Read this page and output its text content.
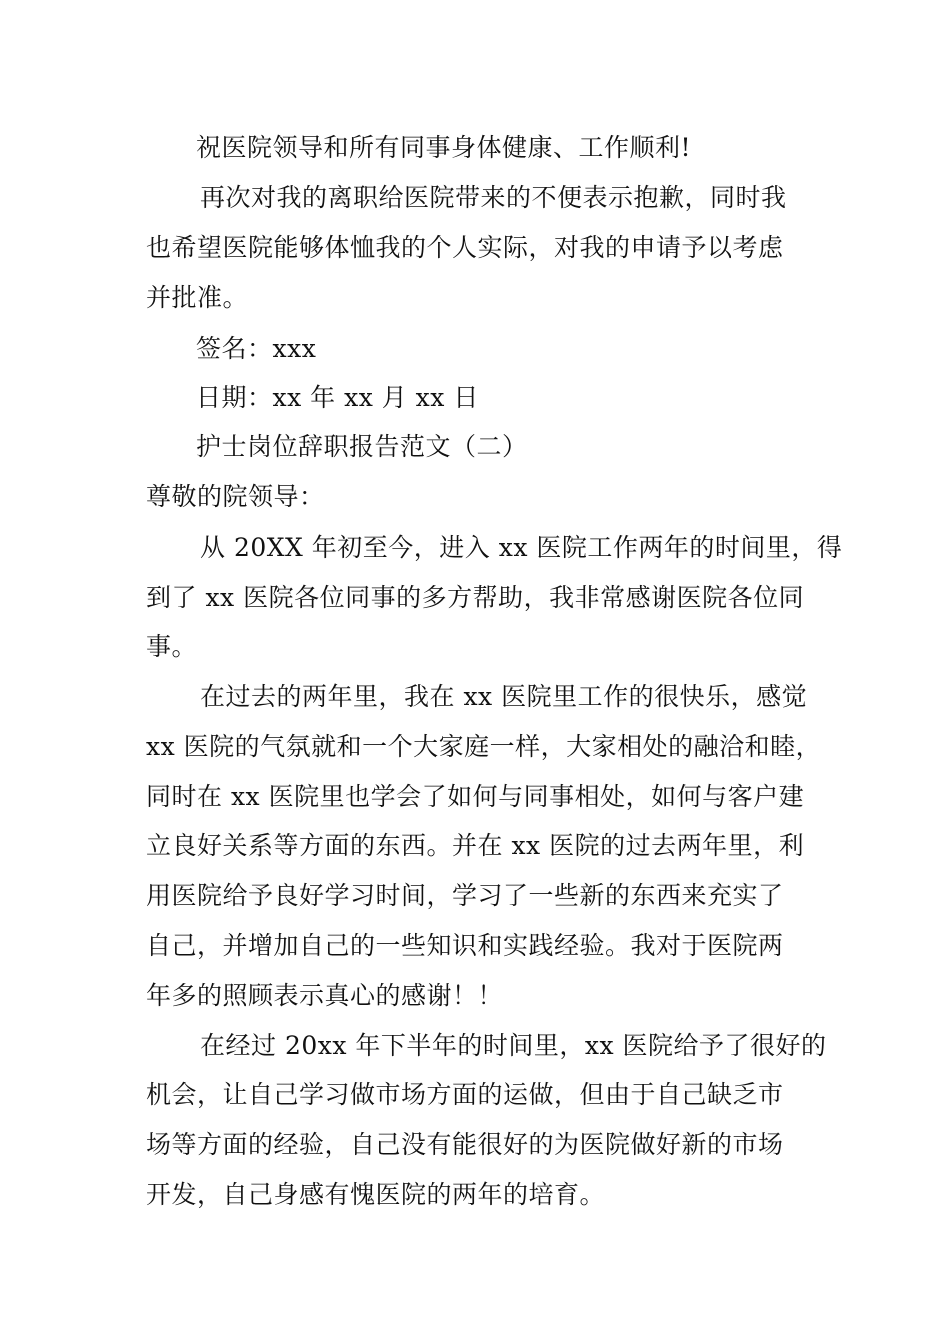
祝医院领导和所有同事身体健康、工作顺利!
再次对我的离职给医院带来的不便表示抱歉，同时我
也希望医院能够体恤我的个人实际，对我的申请予以考虑
并批准。
签名：xxx
日期：xx 年 xx 月 xx 日
护士岗位辞职报告范文（二）
尊敬的院领导：
从 20XX 年初至今，进入 xx 医院工作两年的时间里，得
到了 xx 医院各位同事的多方帮助，我非常感谢医院各位同
事。
在过去的两年里，我在 xx 医院里工作的很快乐，感觉
xx 医院的气氛就和一个大家庭一样，大家相处的融洽和睦，
同时在 xx 医院里也学会了如何与同事相处，如何与客户建
立良好关系等方面的东西。并在 xx 医院的过去两年里，利
用医院给予良好学习时间，学习了一些新的东西来充实了
自己，并增加自己的一些知识和实践经验。我对于医院两
年多的照顾表示真心的感谢！！
在经过 20xx 年下半年的时间里，xx 医院给予了很好的
机会，让自己学习做市场方面的运做，但由于自己缺乏市
场等方面的经验，自己没有能很好的为医院做好新的市场
开发，自己身感有愧医院的两年的培育。
